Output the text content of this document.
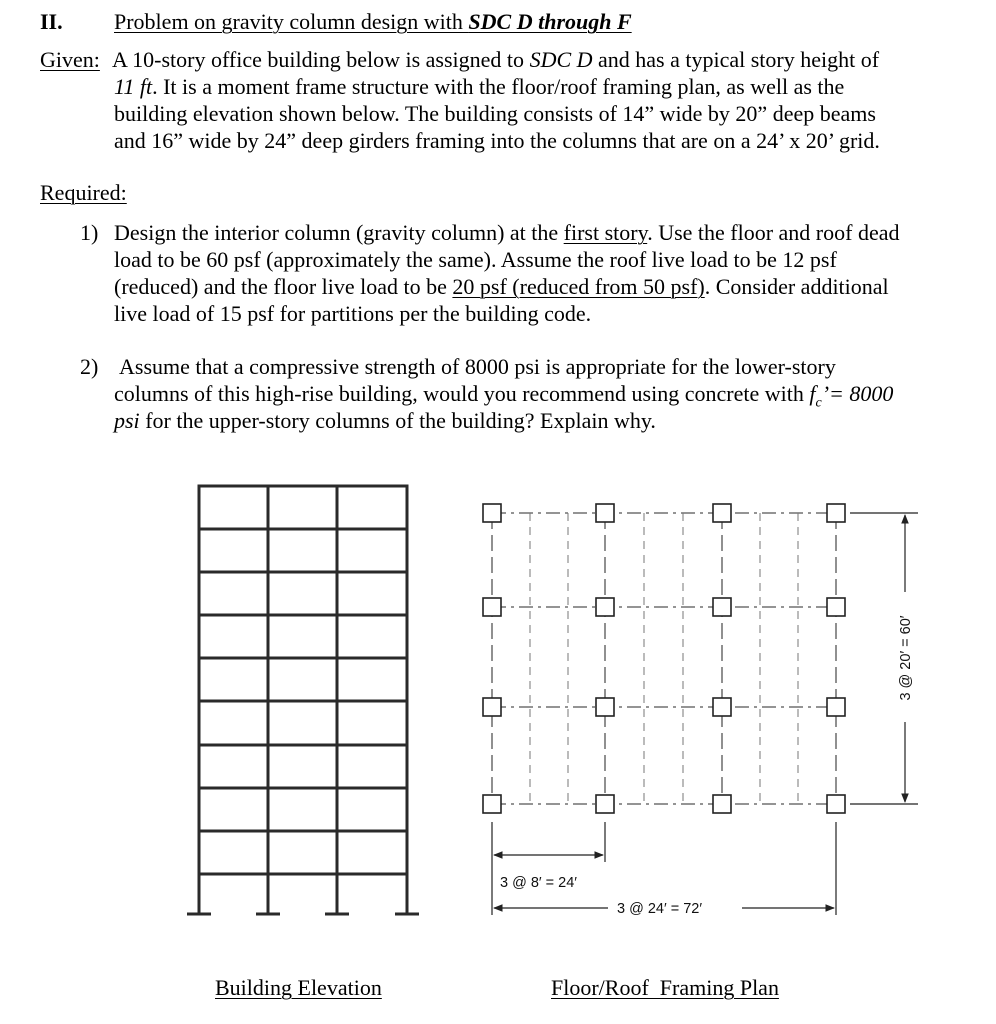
II. Problem on gravity column design with SDC D through F
Given: A 10-story office building below is assigned to SDC D and has a typical story height of

11 ft. It is a moment frame structure with the floor/roof framing plan, as well as the

building elevation shown below. The building consists of 14” wide by 20” deep beams

and 16” wide by 24” deep girders framing into the columns that are on a 24’ x 20’ grid.

Required:
1) Design the interior column (gravity column) at the first story. Use the floor and roof dead

load to be 60 psf (approximately the same). Assume the roof live load to be 12 psf

(reduced) and the floor live load to be 20 psf (reduced from 50 psf). Consider additional

live load of 15 psf for partitions per the building code.

2) Assume that a compressive strength of 8000 psi is appropriate for the lower-story

columns of this high-rise building, would you recommend using concrete with $f_c’= 8000$

psi for the upper-story columns of the building? Explain why.

3 @ 8′ = 24′
3 @ 24′ = 72′
3 @ 20′ = 60′
Building Elevation	Floor/Roof  Framing Plan
